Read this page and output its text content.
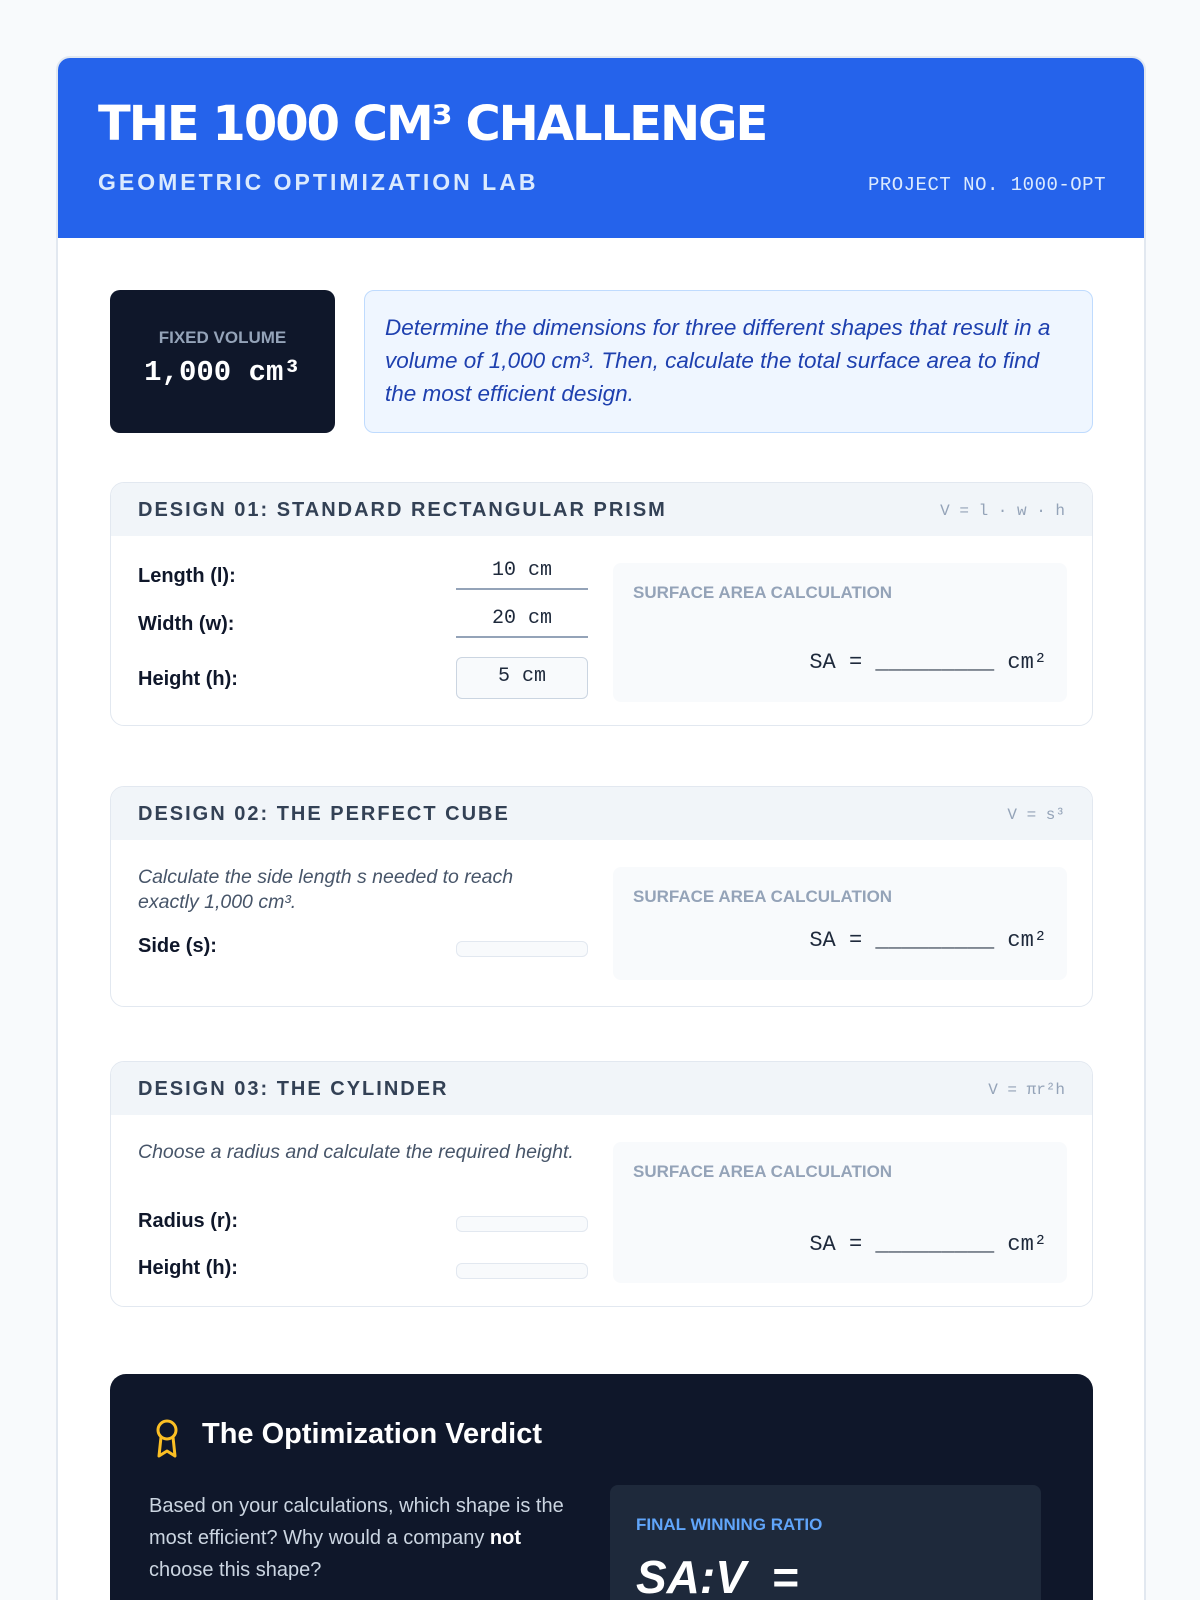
THE 1000 CM³ CHALLENGE
GEOMETRIC OPTIMIZATION LAB	PROJECT NO. 1000-OPT
FIXED VOLUME
1,000 cm³
Determine the dimensions for three different shapes that result in a volume of 1,000 cm³. Then, calculate the total surface area to find the most efficient design.
DESIGN 01: STANDARD RECTANGULAR PRISM	V = l · w · h
Length (l):	10 cm
Width (w):	20 cm
Height (h):	5 cm
SURFACE AREA CALCULATION
SA = _________ cm²
DESIGN 02: THE PERFECT CUBE	V = s³
Calculate the side length s needed to reach exactly 1,000 cm³.
Side (s):
SURFACE AREA CALCULATION
SA = _________ cm²
DESIGN 03: THE CYLINDER	V = πr²h
Choose a radius and calculate the required height.
Radius (r):
Height (h):
SURFACE AREA CALCULATION
SA = _________ cm²
The Optimization Verdict
Based on your calculations, which shape is the most efficient? Why would a company not choose this shape?
FINAL WINNING RATIO
SA:V  =
